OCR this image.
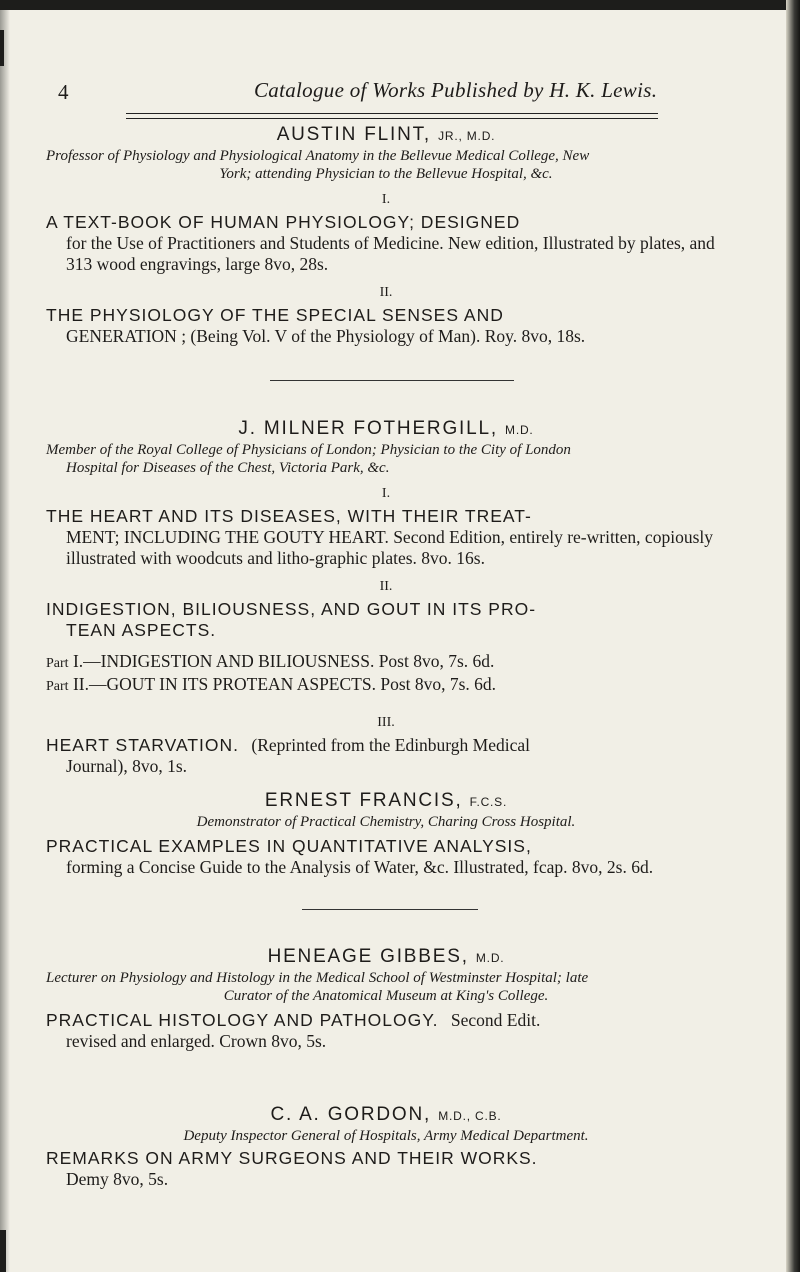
4	Catalogue of Works Published by H. K. Lewis.

AUSTIN FLINT, JR., M.D.

Professor of Physiology and Physiological Anatomy in the Bellevue Medical College, New

York; attending Physician to the Bellevue Hospital, &c.

I.

A TEXT-BOOK OF HUMAN PHYSIOLOGY; DESIGNED

for the Use of Practitioners and Students of Medicine. New edition, Illustrated by plates, and 313 wood engravings, large 8vo, 28s.

II.

THE PHYSIOLOGY OF THE SPECIAL SENSES AND

GENERATION ; (Being Vol. V of the Physiology of Man). Roy. 8vo, 18s.

J. MILNER FOTHERGILL, M.D.

Member of the Royal College of Physicians of London; Physician to the City of London

Hospital for Diseases of the Chest, Victoria Park, &c.

I.

THE HEART AND ITS DISEASES, WITH THEIR TREAT-

MENT; INCLUDING THE GOUTY HEART. Second Edition, entirely re-written, copiously illustrated with woodcuts and litho-graphic plates. 8vo. 16s.

II.

INDIGESTION, BILIOUSNESS, AND GOUT IN ITS PRO-

TEAN ASPECTS.

Part I.—INDIGESTION AND BILIOUSNESS. Post 8vo, 7s. 6d.

Part II.—GOUT IN ITS PROTEAN ASPECTS. Post 8vo, 7s. 6d.

III.

HEART STARVATION. (Reprinted from the Edinburgh Medical

Journal), 8vo, 1s.

ERNEST FRANCIS, F.C.S.

Demonstrator of Practical Chemistry, Charing Cross Hospital.

PRACTICAL EXAMPLES IN QUANTITATIVE ANALYSIS,

forming a Concise Guide to the Analysis of Water, &c. Illustrated, fcap. 8vo, 2s. 6d.

HENEAGE GIBBES, M.D.

Lecturer on Physiology and Histology in the Medical School of Westminster Hospital; late

Curator of the Anatomical Museum at King's College.

PRACTICAL HISTOLOGY AND PATHOLOGY. Second Edit.

revised and enlarged. Crown 8vo, 5s.

C. A. GORDON, M.D., C.B.

Deputy Inspector General of Hospitals, Army Medical Department.

REMARKS ON ARMY SURGEONS AND THEIR WORKS.

Demy 8vo, 5s.
